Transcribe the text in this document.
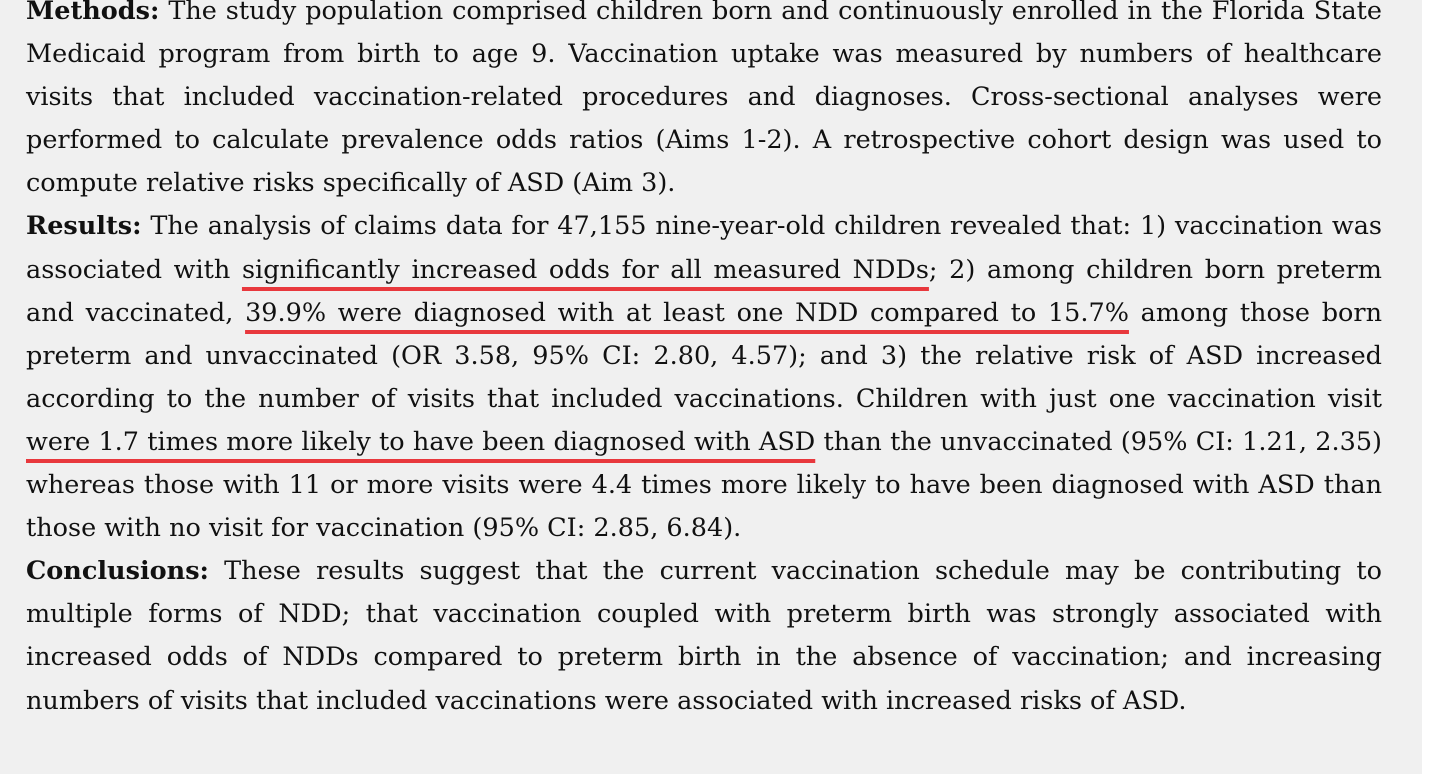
Methods: The study population comprised children born and continuously enrolled in the Florida State Medicaid program from birth to age 9. Vaccination uptake was measured by numbers of healthcare visits that included vaccination-related procedures and diagnoses. Cross-sectional analyses were performed to calculate prevalence odds ratios (Aims 1-2). A retrospective cohort design was used to compute relative risks specifically of ASD (Aim 3).

Results: The analysis of claims data for 47,155 nine-year-old children revealed that: 1) vaccination was associated with significantly increased odds for all measured NDDs; 2) among children born preterm and vaccinated, 39.9% were diagnosed with at least one NDD compared to 15.7% among those born preterm and unvaccinated (OR 3.58, 95% CI: 2.80, 4.57); and 3) the relative risk of ASD increased according to the number of visits that included vaccinations. Children with just one vaccination visit were 1.7 times more likely to have been diagnosed with ASD than the unvaccinated (95% CI: 1.21, 2.35) whereas those with 11 or more visits were 4.4 times more likely to have been diagnosed with ASD than those with no visit for vaccination (95% CI: 2.85, 6.84).

Conclusions: These results suggest that the current vaccination schedule may be contributing to multiple forms of NDD; that vaccination coupled with preterm birth was strongly associated with increased odds of NDDs compared to preterm birth in the absence of vaccination; and increasing numbers of visits that included vaccinations were associated with increased risks of ASD.
